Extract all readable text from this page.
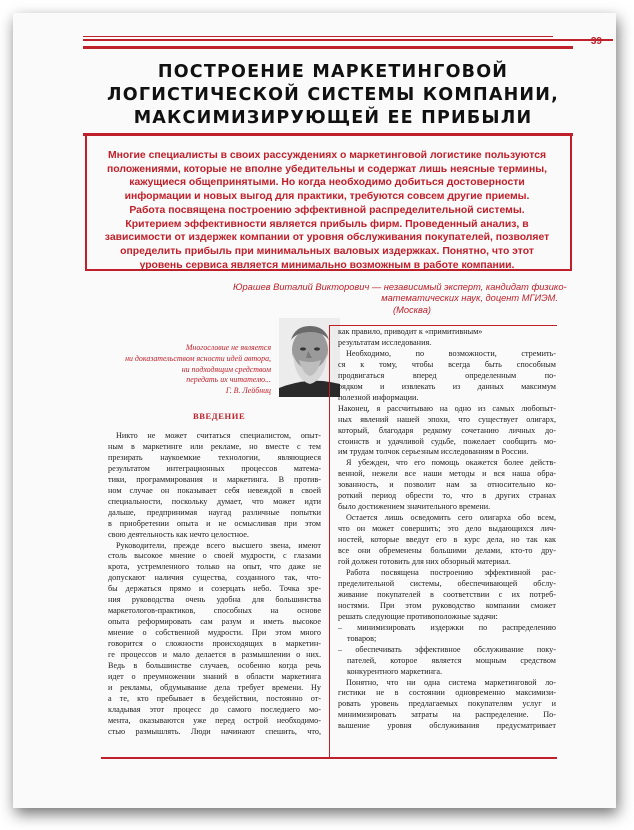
39
ПОСТРОЕНИЕ МАРКЕТИНГОВОЙ
ЛОГИСТИЧЕСКОЙ СИСТЕМЫ КОМПАНИИ,
МАКСИМИЗИРУЮЩЕЙ ЕЕ ПРИБЫЛИ
Многие специалисты в своих рассуждениях о маркетинговой логистике пользуются
положениями, которые не вполне убедительны и содержат лишь неясные термины,
кажущиеся общепринятыми. Но когда необходимо добиться достоверности
информации и новых выгод для практики, требуются совсем другие приемы.
Работа посвящена построению эффективной распределительной системы.
Критерием эффективности является прибыль фирм. Проведенный анализ, в
зависимости от издержек компании от уровня обслуживания покупателей, позволяет
определить прибыль при минимальных валовых издержках. Понятно, что этот
уровень сервиса является минимально возможным в работе компании.
Юрашев Виталий Викторович — независимый эксперт, кандидат физико-
математических наук, доцент МГИЭМ.
(Москва)
Многословие не является
ни доказательством ясности идей автора,
ни подходящим средством
передать их читателю...
Г. В. Лейбниц
ВВЕДЕНИЕ
Никто не может считаться специалистом, опыт-
ным в маркетинге или рекламе, но вместе с тем
презирать наукоемкие технологии, являющиеся
результатом интеграционных процессов матема-
тики, программирования и маркетинга. В против-
ном случае он показывает себя невеждой в своей
специальности, поскольку думает, что может идти
дальше, предпринимая наугад различные попытки
в приобретении опыта и не осмысливая при этом
свою деятельность как нечто целостное.
Руководители, прежде всего высшего звена, имеют
столь высокое мнение о своей мудрости, с глазами
крота, устремленного только на опыт, что даже не
допускают наличия существа, созданного так, что-
бы держаться прямо и созерцать небо. Точка зре-
ния руководства очень удобна для большинства
маркетологов-практиков, способных на основе
опыта реформировать сам разум и иметь высокое
мнение о собственной мудрости. При этом много
говорится о сложности происходящих в маркетин-
ге процессов и мало делается в размышлении о них.
Ведь в большинстве случаев, особенно когда речь
идет о преумножении знаний в области маркетинга
и рекламы, обдумывание дела требует времени. Ну
а те, кто пребывает в бездействии, постоянно от-
кладывая этот процесс до самого последнего мо-
мента, оказываются уже перед острой необходимо-
стью размышлять. Люди начинают спешить, что,
как правило, приводит к «примитивным»
результатам исследования.
Необходимо, по возможности, стремить-
ся к тому, чтобы всегда быть способным
продвигаться вперед определенным по-
рядком и извлекать из данных максимум
полезной информации.
Наконец, я рассчитываю на одно из самых любопыт-
ных явлений нашей эпохи, что существует олигарх,
который, благодаря редкому сочетанию личных до-
стоинств и удачливой судьбе, пожелает сообщить мо-
им трудам толчок серьезным исследованиям в России.
Я убежден, что его помощь окажется более действ-
венной, нежели все наши методы и вся наша обра-
зованность, и позволит нам за относительно ко-
роткий период обрести то, что в других странах
было достижением значительного времени.
Остается лишь осведомить сего олигарха обо всем,
что он может совершить; это дело выдающихся лич-
ностей, которые введут его в курс дела, но так как
все они обременены большими делами, кто-то дру-
гой должен готовить для них обзорный материал.
Работа посвящена построению эффективной рас-
пределительной системы, обеспечивающей обслу-
живание покупателей в соответствии с их потреб-
ностями. При этом руководство компании сможет
решать следующие противоположные задачи:
– минимизировать издержки по распределению
товаров;
– обеспечивать эффективное обслуживание поку-
пателей, которое является мощным средством
конкурентного маркетинга.
Понятно, что ни одна система маркетинговой ло-
гистики не в состоянии одновременно максимизи-
ровать уровень предлагаемых покупателям услуг и
минимизировать затраты на распределение. По-
вышение уровня обслуживания предусматривает
